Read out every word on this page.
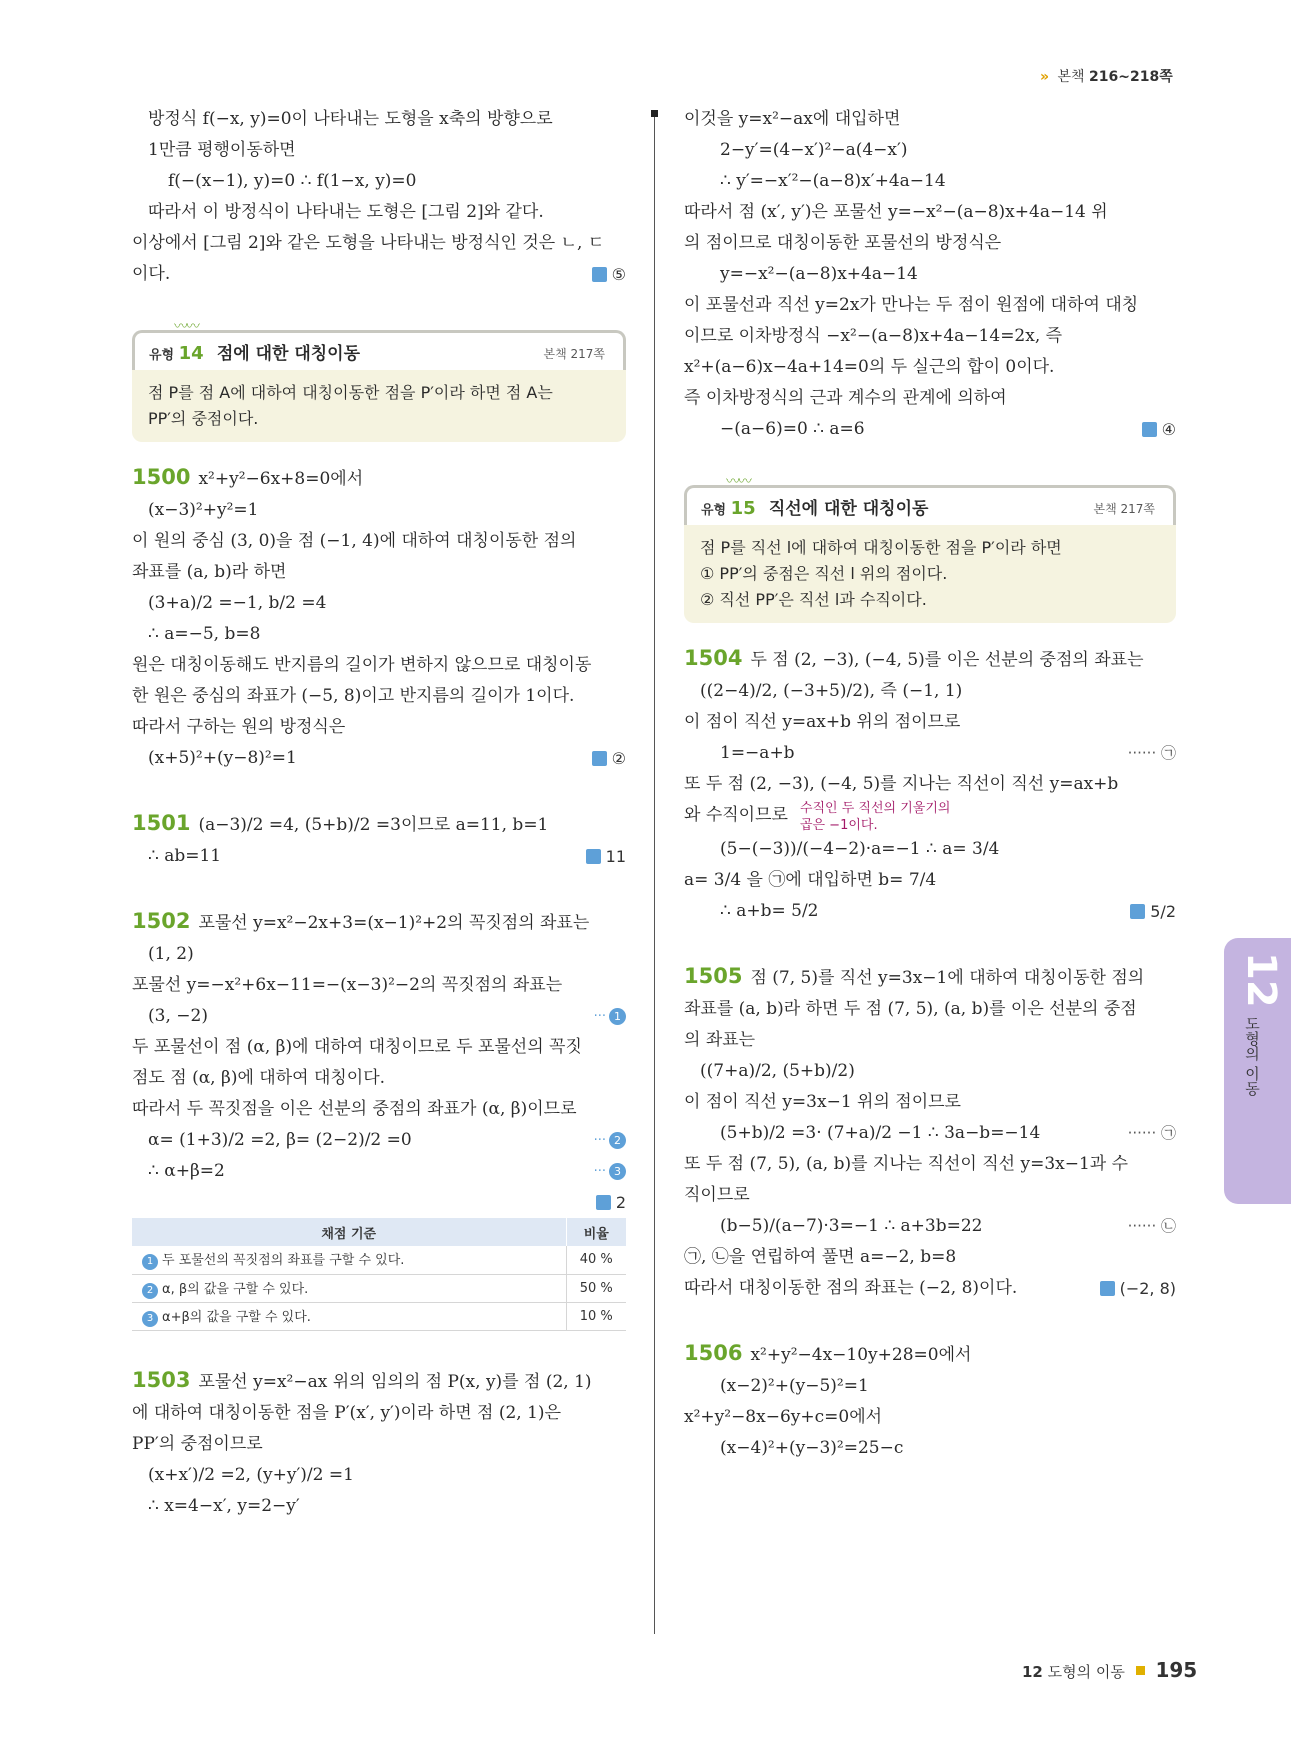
» 본책 216~218쪽
방정식 f(−x, y)=0이 나타내는 도형을 x축의 방향으로
1만큼 평행이동하면
f(−(x−1), y)=0 ∴ f(1−x, y)=0
따라서 이 방정식이 나타내는 도형은 [그림 2]와 같다.
이상에서 [그림 2]와 같은 도형을 나타내는 방정식인 것은 ㄴ, ㄷ
이다.	⑤
〰〰
유형 14 점에 대한 대칭이동	본책 217쪽
점 P를 점 A에 대하여 대칭이동한 점을 P′이라 하면 점 A는
PP′의 중점이다.
1500 x²+y²−6x+8=0에서
(x−3)²+y²=1
이 원의 중심 (3, 0)을 점 (−1, 4)에 대하여 대칭이동한 점의
좌표를 (a, b)라 하면
(3+a)/2 =−1, b/2 =4
∴ a=−5, b=8
원은 대칭이동해도 반지름의 길이가 변하지 않으므로 대칭이동
한 원은 중심의 좌표가 (−5, 8)이고 반지름의 길이가 1이다.
따라서 구하는 원의 방정식은
(x+5)²+(y−8)²=1	②
1501 (a−3)/2 =4, (5+b)/2 =3이므로 a=11, b=1
∴ ab=11	11
1502 포물선 y=x²−2x+3=(x−1)²+2의 꼭짓점의 좌표는
(1, 2)
포물선 y=−x²+6x−11=−(x−3)²−2의 꼭짓점의 좌표는
(3, −2)	··· 1
두 포물선이 점 (α, β)에 대하여 대칭이므로 두 포물선의 꼭짓
점도 점 (α, β)에 대하여 대칭이다.
따라서 두 꼭짓점을 이은 선분의 중점의 좌표가 (α, β)이므로
α= (1+3)/2 =2, β= (2−2)/2 =0	··· 2
∴ α+β=2	··· 3
2
채점 기준	비율
1 두 포물선의 꼭짓점의 좌표를 구할 수 있다.	40 %
2 α, β의 값을 구할 수 있다.	50 %
3 α+β의 값을 구할 수 있다.	10 %
1503 포물선 y=x²−ax 위의 임의의 점 P(x, y)를 점 (2, 1)
에 대하여 대칭이동한 점을 P′(x′, y′)이라 하면 점 (2, 1)은
PP′의 중점이므로
(x+x′)/2 =2, (y+y′)/2 =1
∴ x=4−x′, y=2−y′
이것을 y=x²−ax에 대입하면
2−y′=(4−x′)²−a(4−x′)
∴ y′=−x′²−(a−8)x′+4a−14
따라서 점 (x′, y′)은 포물선 y=−x²−(a−8)x+4a−14 위
의 점이므로 대칭이동한 포물선의 방정식은
y=−x²−(a−8)x+4a−14
이 포물선과 직선 y=2x가 만나는 두 점이 원점에 대하여 대칭
이므로 이차방정식 −x²−(a−8)x+4a−14=2x, 즉
x²+(a−6)x−4a+14=0의 두 실근의 합이 0이다.
즉 이차방정식의 근과 계수의 관계에 의하여
−(a−6)=0 ∴ a=6	④
〰〰
유형 15 직선에 대한 대칭이동	본책 217쪽
점 P를 직선 l에 대하여 대칭이동한 점을 P′이라 하면
① PP′의 중점은 직선 l 위의 점이다.
② 직선 PP′은 직선 l과 수직이다.
1504 두 점 (2, −3), (−4, 5)를 이은 선분의 중점의 좌표는
((2−4)/2, (−3+5)/2), 즉 (−1, 1)
이 점이 직선 y=ax+b 위의 점이므로
1=−a+b	······ ㉠
또 두 점 (2, −3), (−4, 5)를 지나는 직선이 직선 y=ax+b
와 수직이므로 수직인 두 직선의 기울기의
곱은 −1이다.
(5−(−3))/(−4−2)·a=−1 ∴ a= 3/4
a= 3/4 을 ㉠에 대입하면 b= 7/4
∴ a+b= 5/2	5/2
1505 점 (7, 5)를 직선 y=3x−1에 대하여 대칭이동한 점의
좌표를 (a, b)라 하면 두 점 (7, 5), (a, b)를 이은 선분의 중점
의 좌표는
((7+a)/2, (5+b)/2)
이 점이 직선 y=3x−1 위의 점이므로
(5+b)/2 =3· (7+a)/2 −1 ∴ 3a−b=−14	······ ㉠
또 두 점 (7, 5), (a, b)를 지나는 직선이 직선 y=3x−1과 수
직이므로
(b−5)/(a−7)·3=−1 ∴ a+3b=22	······ ㉡
㉠, ㉡을 연립하여 풀면 a=−2, b=8
따라서 대칭이동한 점의 좌표는 (−2, 8)이다.	(−2, 8)
1506 x²+y²−4x−10y+28=0에서
(x−2)²+(y−5)²=1
x²+y²−8x−6y+c=0에서
(x−4)²+(y−3)²=25−c
12
도형의 이동
12 도형의 이동 195
